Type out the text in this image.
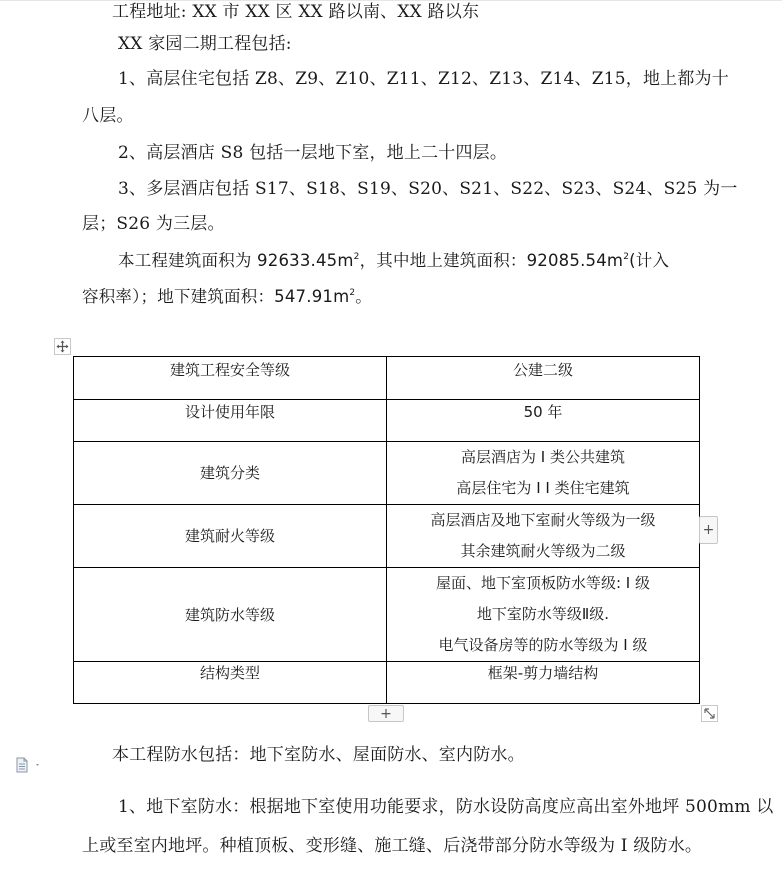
工程地址: XX 市 XX 区 XX 路以南、XX 路以东
XX 家园二期工程包括:
1、高层住宅包括 Z8、Z9、Z10、Z11、Z12、Z13、Z14、Z15，地上都为十
八层。
2、高层酒店 S8 包括一层地下室，地上二十四层。
3、多层酒店包括 S17、S18、S19、S20、S21、S22、S23、S24、S25 为一
层；S26 为三层。
本工程建筑面积为 $92633.45m^2$，其中地上建筑面积：$92085.54m^2$(计入
容积率）；地下建筑面积：$547.91m^2$。
建筑工程安全等级	公建二级

设计使用年限	50 年

建筑分类	高层酒店为 I 类公共建筑
高层住宅为 I I 类住宅建筑

建筑耐火等级	高层酒店及地下室耐火等级为一级
其余建筑耐火等级为二级

建筑防水等级	屋面、地下室顶板防水等级: I 级
地下室防水等级Ⅱ级.
电气设备房等的防水等级为 I 级

结构类型	框架-剪力墙结构
+
+
本工程防水包括：地下室防水、屋面防水、室内防水。
1、地下室防水：根据地下室使用功能要求，防水设防高度应高出室外地坪 500mm 以
上或至室内地坪。种植顶板、变形缝、施工缝、后浇带部分防水等级为 I 级防水。
